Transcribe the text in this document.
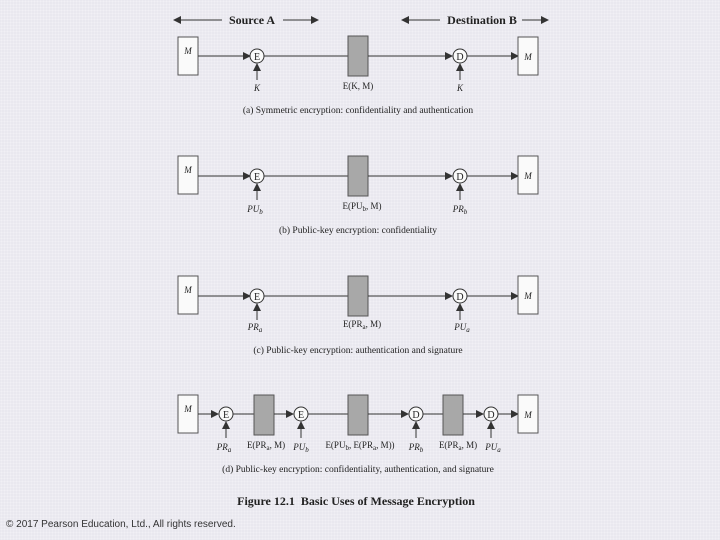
Source A	Destination B
M
E
K	E(K, M)
D
K
M
(a) Symmetric encryption: confidentiality and authentication
M
E
$PU_b$
$E(PU_b$, M)
D
$PR_b$
M
(b) Public-key encryption: confidentiality
M
E
$PR_a$
$E(PR_a$, M)
D
$PU_a$
M
(c) Public-key encryption: authentication and signature
M
E
$PR_a$ $E(PR_a$, M)
E
$PU_b$ $E(PU_b$, $E(PR_a$, M))
D
$PR_b$ $E(PR_a$, M)
D
$PU_a$
M
(d) Public-key encryption: confidentiality, authentication, and signature
Figure 12.1  Basic Uses of Message Encryption
© 2017 Pearson Education, Ltd., All rights reserved.
